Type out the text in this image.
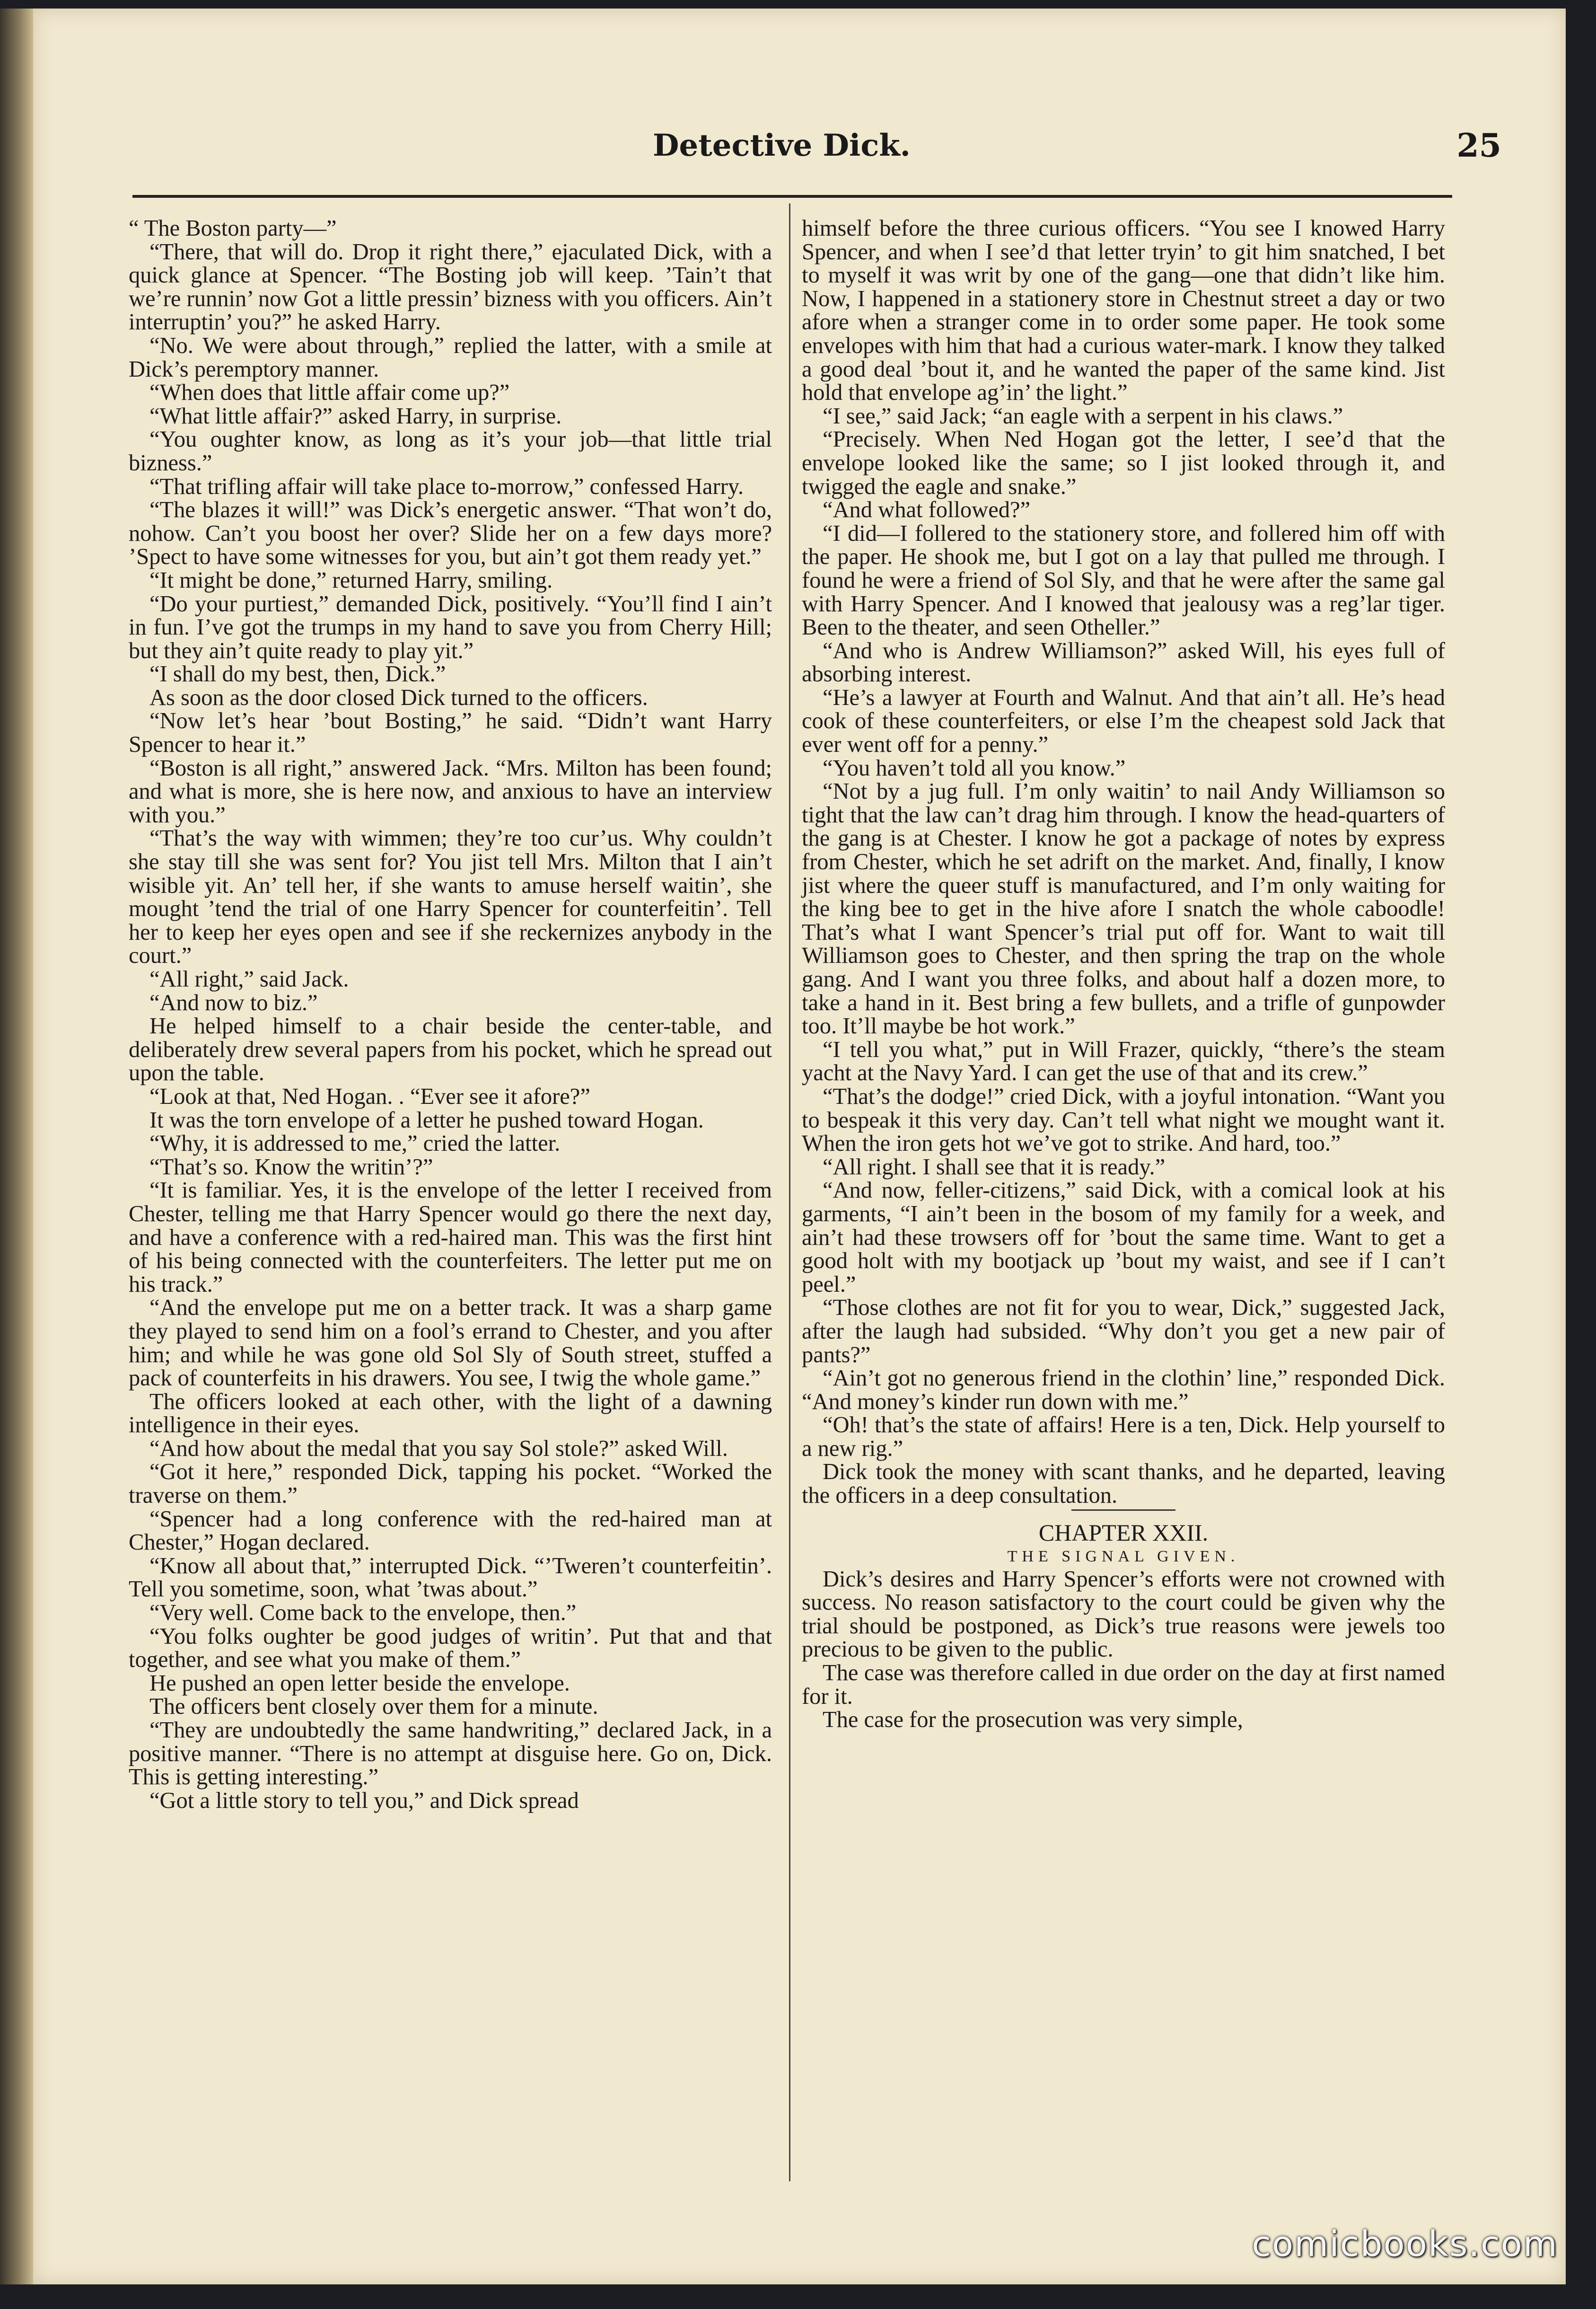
Detective Dick.	25

“ The Boston party—”

“There, that will do. Drop it right there,” ejaculated Dick, with a quick glance at Spencer. “The Bosting job will keep. ’Tain’t that we’re runnin’ now Got a little pressin’ bizness with you officers. Ain’t interruptin’ you?” he asked Harry.

“No. We were about through,” replied the latter, with a smile at Dick’s peremptory manner.

“When does that little affair come up?”

“What little affair?” asked Harry, in surprise.

“You oughter know, as long as it’s your job—that little trial bizness.”

“That trifling affair will take place to-morrow,” confessed Harry.

“The blazes it will!” was Dick’s energetic answer. “That won’t do, nohow. Can’t you boost her over? Slide her on a few days more? ’Spect to have some witnesses for you, but ain’t got them ready yet.”

“It might be done,” returned Harry, smiling.

“Do your purtiest,” demanded Dick, positively. “You’ll find I ain’t in fun. I’ve got the trumps in my hand to save you from Cherry Hill; but they ain’t quite ready to play yit.”

“I shall do my best, then, Dick.”

As soon as the door closed Dick turned to the officers.

“Now let’s hear ’bout Bosting,” he said. “Didn’t want Harry Spencer to hear it.”

“Boston is all right,” answered Jack. “Mrs. Milton has been found; and what is more, she is here now, and anxious to have an interview with you.”

“That’s the way with wimmen; they’re too cur’us. Why couldn’t she stay till she was sent for? You jist tell Mrs. Milton that I ain’t wisible yit. An’ tell her, if she wants to amuse herself waitin’, she mought ’tend the trial of one Harry Spencer for counterfeitin’. Tell her to keep her eyes open and see if she reckernizes anybody in the court.”

“All right,” said Jack.

“And now to biz.”

He helped himself to a chair beside the center-table, and deliberately drew several papers from his pocket, which he spread out upon the table.

“Look at that, Ned Hogan. . “Ever see it afore?”

It was the torn envelope of a letter he pushed toward Hogan.

“Why, it is addressed to me,” cried the latter.

“That’s so. Know the writin’?”

“It is familiar. Yes, it is the envelope of the letter I received from Chester, telling me that Harry Spencer would go there the next day, and have a conference with a red-haired man. This was the first hint of his being connected with the counterfeiters. The letter put me on his track.”

“And the envelope put me on a better track. It was a sharp game they played to send him on a fool’s errand to Chester, and you after him; and while he was gone old Sol Sly of South street, stuffed a pack of counterfeits in his drawers. You see, I twig the whole game.”

The officers looked at each other, with the light of a dawning intelligence in their eyes.

“And how about the medal that you say Sol stole?” asked Will.

“Got it here,” responded Dick, tapping his pocket. “Worked the traverse on them.”

“Spencer had a long conference with the red-haired man at Chester,” Hogan declared.

“Know all about that,” interrupted Dick. “’Tweren’t counterfeitin’. Tell you sometime, soon, what ’twas about.”

“Very well. Come back to the envelope, then.”

“You folks oughter be good judges of writin’. Put that and that together, and see what you make of them.”

He pushed an open letter beside the envelope.

The officers bent closely over them for a minute.

“They are undoubtedly the same handwriting,” declared Jack, in a positive manner. “There is no attempt at disguise here. Go on, Dick. This is getting interesting.”

“Got a little story to tell you,” and Dick spread

himself before the three curious officers. “You see I knowed Harry Spencer, and when I see’d that letter tryin’ to git him snatched, I bet to myself it was writ by one of the gang—one that didn’t like him. Now, I happened in a stationery store in Chestnut street a day or two afore when a stranger come in to order some paper. He took some envelopes with him that had a curious water-mark. I know they talked a good deal ’bout it, and he wanted the paper of the same kind. Jist hold that envelope ag’in’ the light.”

“I see,” said Jack; “an eagle with a serpent in his claws.”

“Precisely. When Ned Hogan got the letter, I see’d that the envelope looked like the same; so I jist looked through it, and twigged the eagle and snake.”

“And what followed?”

“I did—I follered to the stationery store, and follered him off with the paper. He shook me, but I got on a lay that pulled me through. I found he were a friend of Sol Sly, and that he were after the same gal with Harry Spencer. And I knowed that jealousy was a reg’lar tiger. Been to the theater, and seen Otheller.”

“And who is Andrew Williamson?” asked Will, his eyes full of absorbing interest.

“He’s a lawyer at Fourth and Walnut. And that ain’t all. He’s head cook of these counterfeiters, or else I’m the cheapest sold Jack that ever went off for a penny.”

“You haven’t told all you know.”

“Not by a jug full. I’m only waitin’ to nail Andy Williamson so tight that the law can’t drag him through. I know the head-quarters of the gang is at Chester. I know he got a package of notes by express from Chester, which he set adrift on the market. And, finally, I know jist where the queer stuff is manufactured, and I’m only waiting for the king bee to get in the hive afore I snatch the whole caboodle! That’s what I want Spencer’s trial put off for. Want to wait till Williamson goes to Chester, and then spring the trap on the whole gang. And I want you three folks, and about half a dozen more, to take a hand in it. Best bring a few bullets, and a trifle of gunpowder too. It’ll maybe be hot work.”

“I tell you what,” put in Will Frazer, quickly, “there’s the steam yacht at the Navy Yard. I can get the use of that and its crew.”

“That’s the dodge!” cried Dick, with a joyful intonation. “Want you to bespeak it this very day. Can’t tell what night we mought want it. When the iron gets hot we’ve got to strike. And hard, too.”

“All right. I shall see that it is ready.”

“And now, feller-citizens,” said Dick, with a comical look at his garments, “I ain’t been in the bosom of my family for a week, and ain’t had these trowsers off for ’bout the same time. Want to get a good holt with my bootjack up ’bout my waist, and see if I can’t peel.”

“Those clothes are not fit for you to wear, Dick,” suggested Jack, after the laugh had subsided. “Why don’t you get a new pair of pants?”

“Ain’t got no generous friend in the clothin’ line,” responded Dick. “And money’s kinder run down with me.”

“Oh! that’s the state of affairs! Here is a ten, Dick. Help yourself to a new rig.”

Dick took the money with scant thanks, and he departed, leaving the officers in a deep consultation.

CHAPTER XXII.
THE SIGNAL GIVEN.

Dick’s desires and Harry Spencer’s efforts were not crowned with success. No reason satisfactory to the court could be given why the trial should be postponed, as Dick’s true reasons were jewels too precious to be given to the public.

The case was therefore called in due order on the day at first named for it.

The case for the prosecution was very simple,

comicbooks.com
